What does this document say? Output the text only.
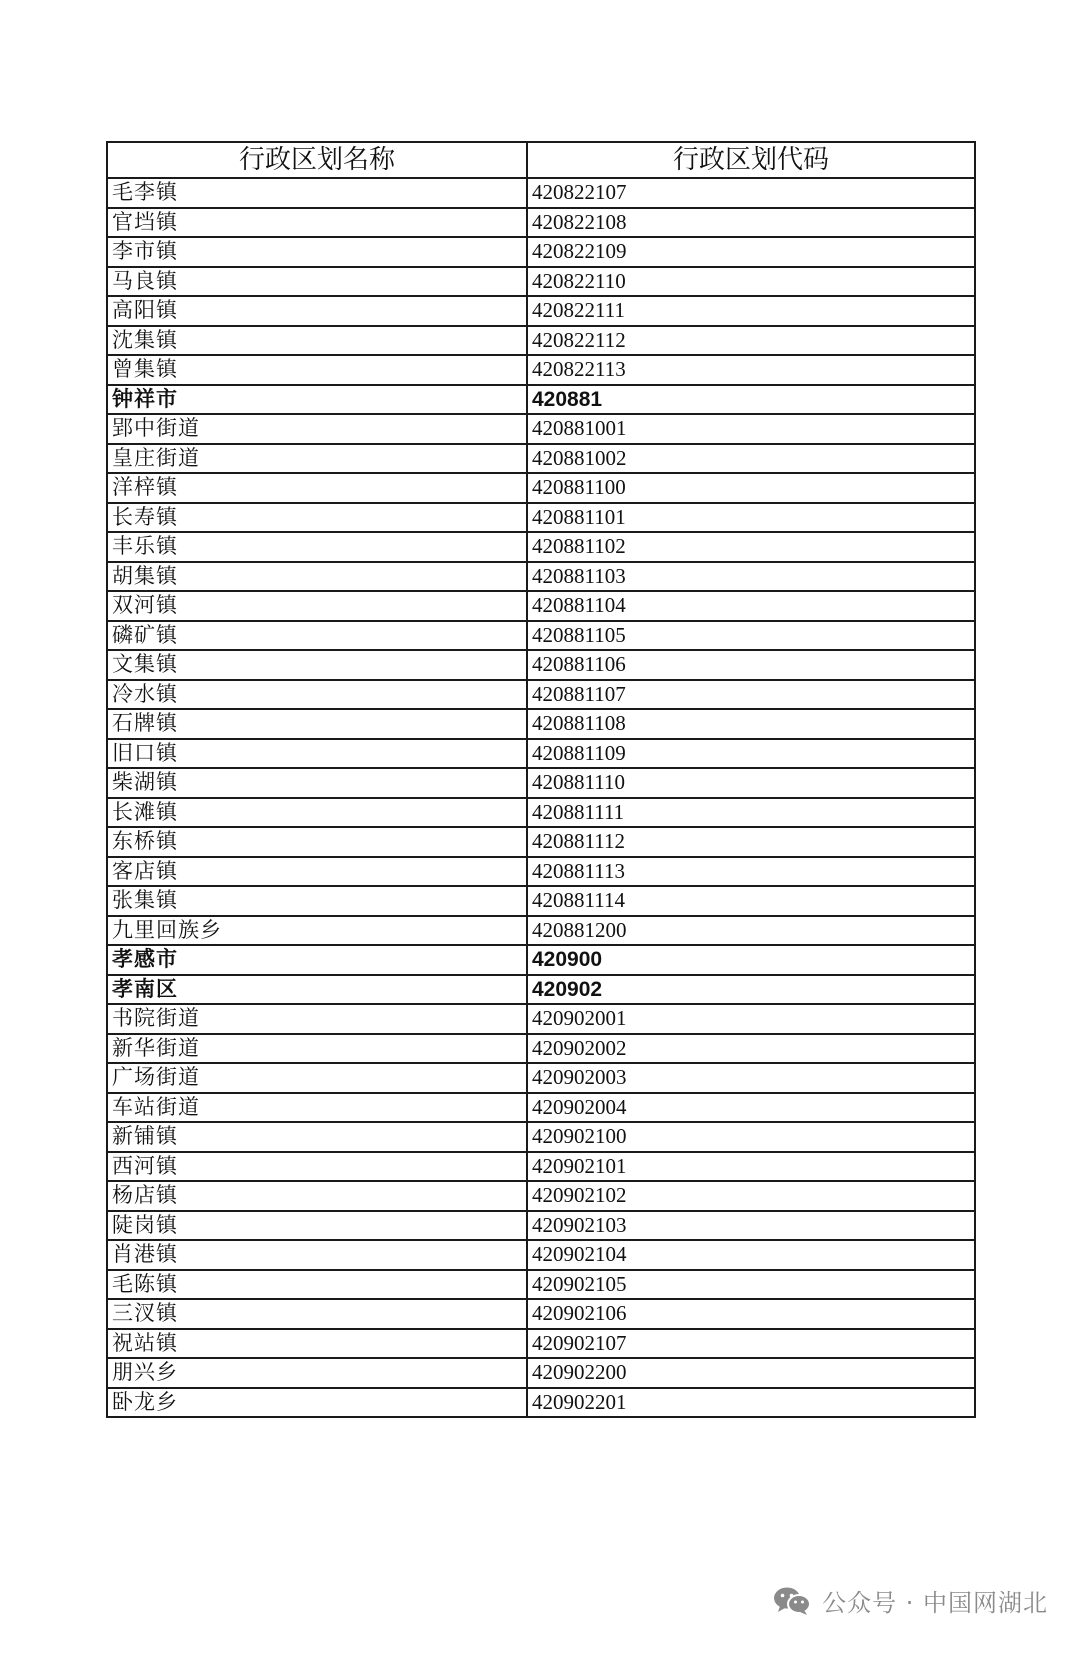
行政区划名称	行政区划代码
毛李镇	420822107
官垱镇	420822108
李市镇	420822109
马良镇	420822110
高阳镇	420822111
沈集镇	420822112
曾集镇	420822113
钟祥市	420881
郢中街道	420881001
皇庄街道	420881002
洋梓镇	420881100
长寿镇	420881101
丰乐镇	420881102
胡集镇	420881103
双河镇	420881104
磷矿镇	420881105
文集镇	420881106
冷水镇	420881107
石牌镇	420881108
旧口镇	420881109
柴湖镇	420881110
长滩镇	420881111
东桥镇	420881112
客店镇	420881113
张集镇	420881114
九里回族乡	420881200
孝感市	420900
孝南区	420902
书院街道	420902001
新华街道	420902002
广场街道	420902003
车站街道	420902004
新铺镇	420902100
西河镇	420902101
杨店镇	420902102
陡岗镇	420902103
肖港镇	420902104
毛陈镇	420902105
三汊镇	420902106
祝站镇	420902107
朋兴乡	420902200
卧龙乡	420902201
公众号 · 中国网湖北
